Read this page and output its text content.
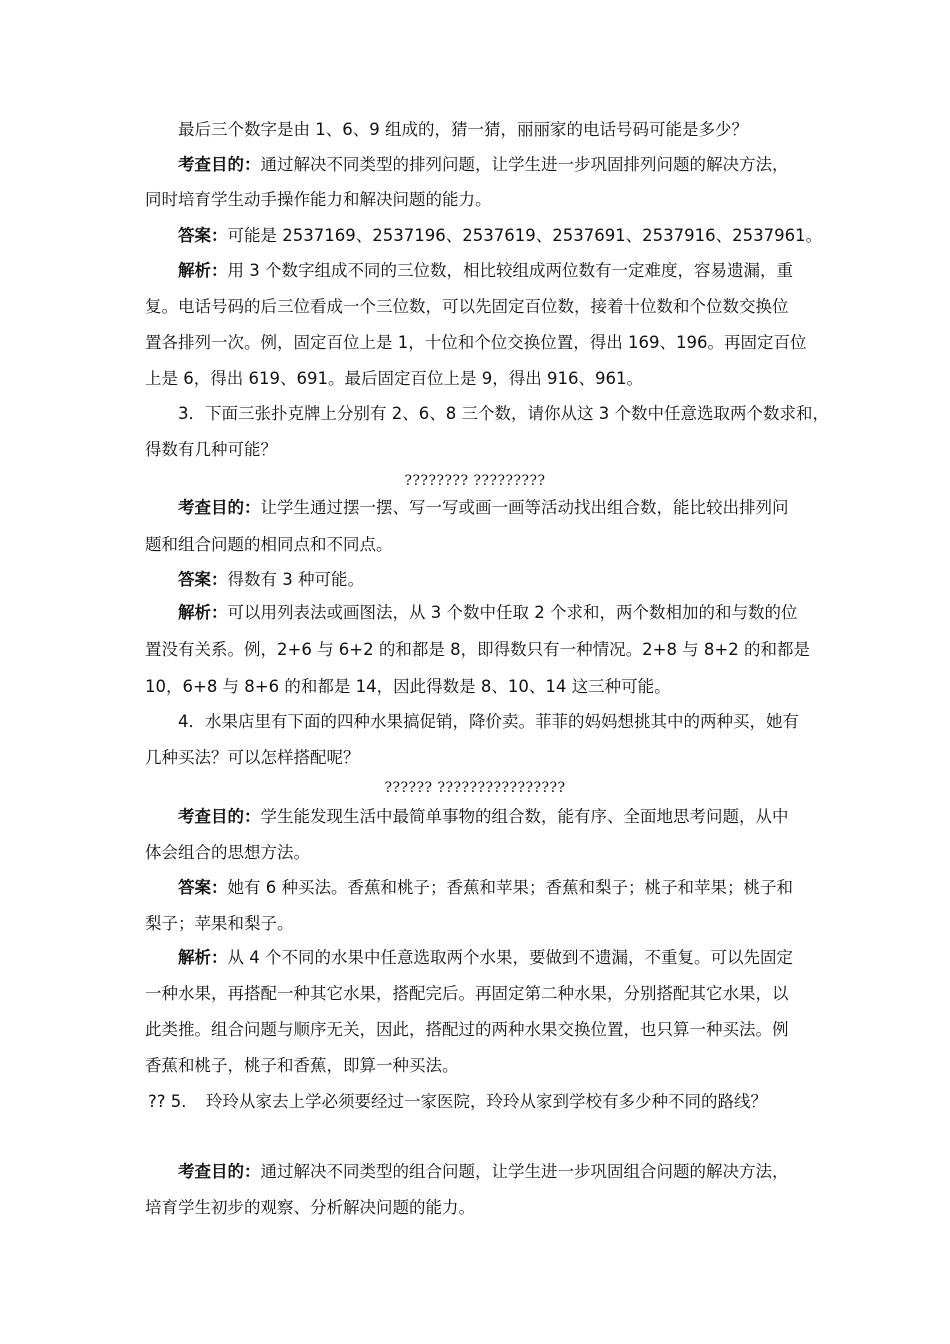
最后三个数字是由 1、6、9 组成的，猜一猜，丽丽家的电话号码可能是多少？
考查目的：通过解决不同类型的排列问题，让学生进一步巩固排列问题的解决方法，
同时培育学生动手操作能力和解决问题的能力。
答案：可能是 2537169、2537196、2537619、2537691、2537916、2537961。
解析：用 3 个数字组成不同的三位数，相比较组成两位数有一定难度，容易遗漏，重
复。电话号码的后三位看成一个三位数，可以先固定百位数，接着十位数和个位数交换位
置各排列一次。例，固定百位上是 1，十位和个位交换位置，得出 169、196。再固定百位
上是 6，得出 619、691。最后固定百位上是 9，得出 916、961。
3．下面三张扑克牌上分别有 2、6、8 三个数，请你从这 3 个数中任意选取两个数求和，
得数有几种可能？
???????? ?????????
考查目的：让学生通过摆一摆、写一写或画一画等活动找出组合数，能比较出排列问
题和组合问题的相同点和不同点。
答案：得数有 3 种可能。
解析：可以用列表法或画图法，从 3 个数中任取 2 个求和，两个数相加的和与数的位
置没有关系。例，2+6 与 6+2 的和都是 8，即得数只有一种情况。2+8 与 8+2 的和都是
10，6+8 与 8+6 的和都是 14，因此得数是 8、10、14 这三种可能。
4．水果店里有下面的四种水果搞促销，降价卖。菲菲的妈妈想挑其中的两种买，她有
几种买法？可以怎样搭配呢？
?????? ????????????????
考查目的：学生能发现生活中最简单事物的组合数，能有序、全面地思考问题，从中
体会组合的思想方法。
答案：她有 6 种买法。香蕉和桃子；香蕉和苹果；香蕉和梨子；桃子和苹果；桃子和
梨子；苹果和梨子。
解析：从 4 个不同的水果中任意选取两个水果，要做到不遗漏，不重复。可以先固定
一种水果，再搭配一种其它水果，搭配完后。再固定第二种水果，分别搭配其它水果，以
此类推。组合问题与顺序无关，因此，搭配过的两种水果交换位置，也只算一种买法。例
香蕉和桃子，桃子和香蕉，即算一种买法。
?? 5．　玲玲从家去上学必须要经过一家医院，玲玲从家到学校有多少种不同的路线？
考查目的：通过解决不同类型的组合问题，让学生进一步巩固组合问题的解决方法，
培育学生初步的观察、分析解决问题的能力。
